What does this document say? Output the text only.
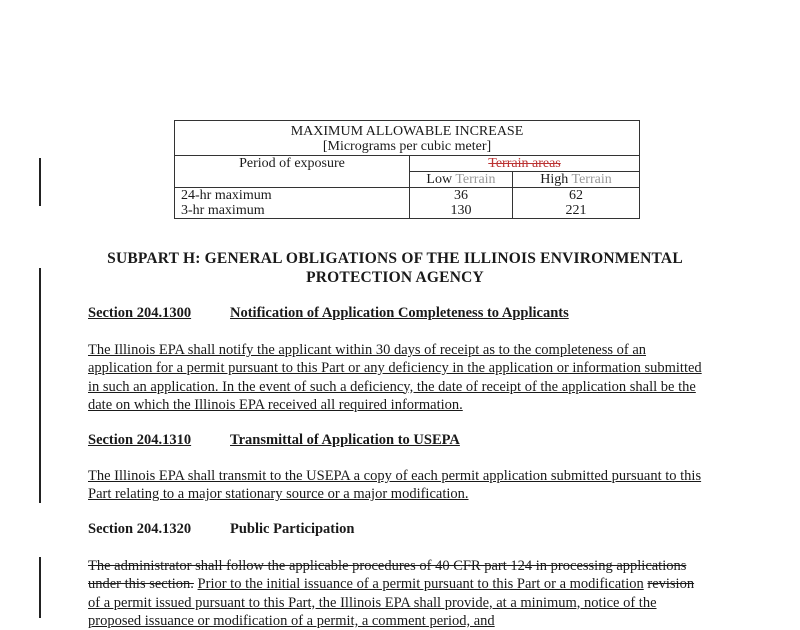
MAXIMUM ALLOWABLE INCREASE		
[Micrograms per cubic meter]		
Period of exposure	Terrain areas	
	Low Terrain	High Terrain
24-hr maximum	36	62
3-hr maximum	130	221
SUBPART H: GENERAL OBLIGATIONS OF THE ILLINOIS ENVIRONMENTAL PROTECTION AGENCY
Section 204.1300	Notification of Application Completeness to Applicants

The Illinois EPA shall notify the applicant within 30 days of receipt as to the completeness of an application for a permit pursuant to this Part or any deficiency in the application or information submitted in such an application. In the event of such a deficiency, the date of receipt of the application shall be the date on which the Illinois EPA received all required information.

Section 204.1310	Transmittal of Application to USEPA

The Illinois EPA shall transmit to the USEPA a copy of each permit application submitted pursuant to this Part relating to a major stationary source or a major modification.

Section 204.1320	Public Participation

The administrator shall follow the applicable procedures of 40 CFR part 124 in processing applications under this section. Prior to the initial issuance of a permit pursuant to this Part or a modification revision of a permit issued pursuant to this Part, the Illinois EPA shall provide, at a minimum, notice of the proposed issuance or modification of a permit, a comment period, and
